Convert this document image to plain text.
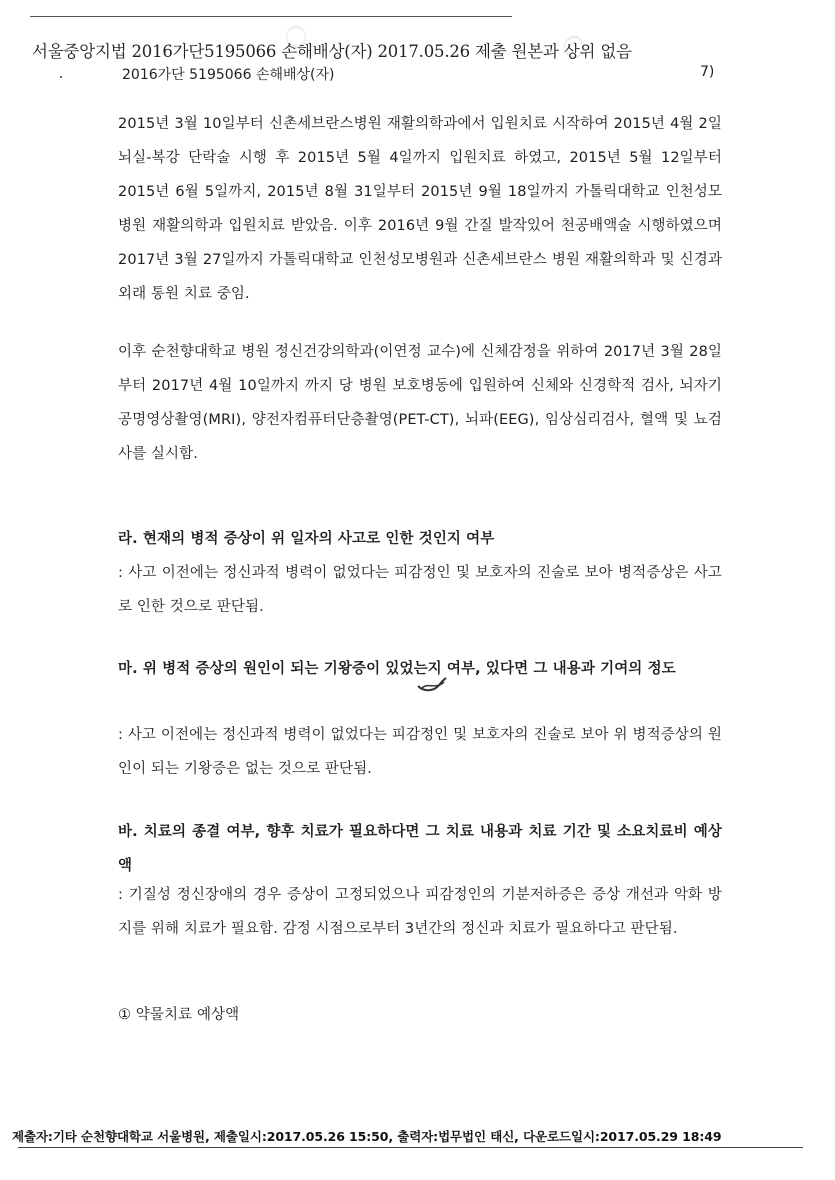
서울중앙지법 2016가단5195066 손해배상(자) 2017.05.26 제출 원본과 상위 없음
2016가단 5195066 손해배상(자)	7)
2015년 3월 10일부터 신촌세브란스병원 재활의학과에서 입원치료 시작하여 2015년 4월 2일 뇌실-복강 단락술 시행 후 2015년 5월 4일까지 입원치료 하였고, 2015년 5월 12일부터 2015년 6월 5일까지, 2015년 8월 31일부터 2015년 9월 18일까지 가톨릭대학교 인천성모병원 재활의학과 입원치료 받았음. 이후 2016년 9월 간질 발작있어 천공배액술 시행하였으며 2017년 3월 27일까지 가톨릭대학교 인천성모병원과 신촌세브란스 병원 재활의학과 및 신경과 외래 통원 치료 중임.
이후 순천향대학교 병원 정신건강의학과(이연정 교수)에 신체감정을 위하여 2017년 3월 28일부터 2017년 4월 10일까지 까지 당 병원 보호병동에 입원하여 신체와 신경학적 검사, 뇌자기공명영상촬영(MRI), 양전자컴퓨터단층촬영(PET-CT), 뇌파(EEG), 임상심리검사, 혈액 및 뇨검사를 실시함.
라. 현재의 병적 증상이 위 일자의 사고로 인한 것인지 여부
: 사고 이전에는 정신과적 병력이 없었다는 피감정인 및 보호자의 진술로 보아 병적증상은 사고로 인한 것으로 판단됨.
마. 위 병적 증상의 원인이 되는 기왕증이 있었는지 여부, 있다면 그 내용과 기여의 정도
: 사고 이전에는 정신과적 병력이 없었다는 피감정인 및 보호자의 진술로 보아 위 병적증상의 원인이 되는 기왕증은 없는 것으로 판단됨.
바. 치료의 종결 여부, 향후 치료가 필요하다면 그 치료 내용과 치료 기간 및 소요치료비 예상액
: 기질성 정신장애의 경우 증상이 고정되었으나 피감정인의 기분저하증은 증상 개선과 악화 방지를 위해 치료가 필요함. 감정 시점으로부터 3년간의 정신과 치료가 필요하다고 판단됨.
① 약물치료 예상액
제출자:기타 순천향대학교 서울병원, 제출일시:2017.05.26 15:50, 출력자:법무법인 태신, 다운로드일시:2017.05.29 18:49
